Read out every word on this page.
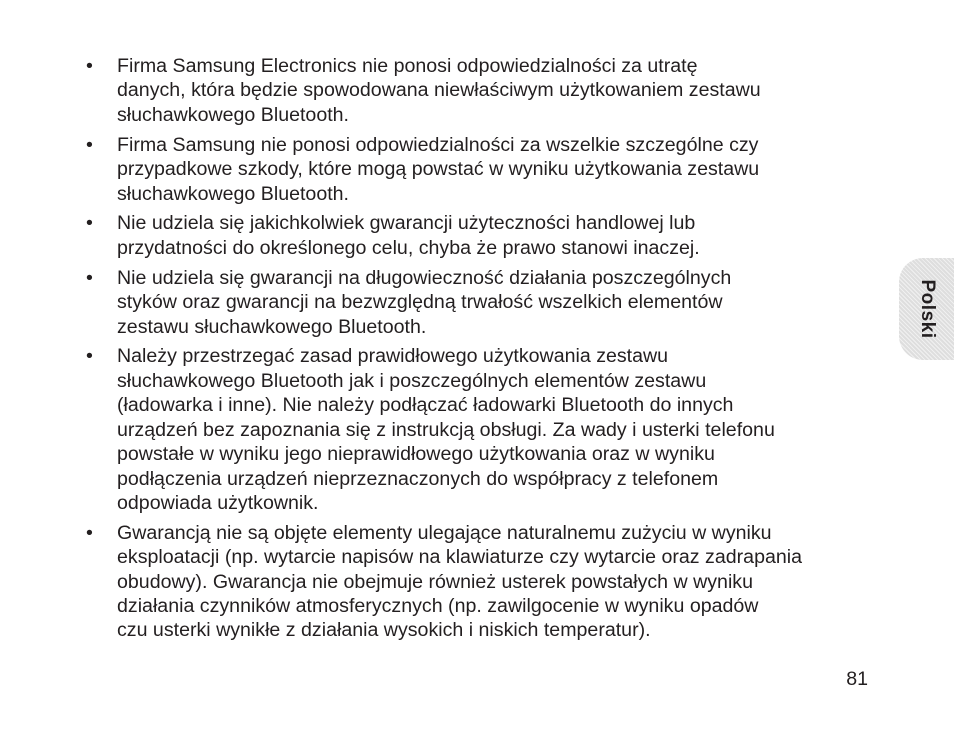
• Firma Samsung Electronics nie ponosi odpowiedzialności za utratę
danych, która będzie spowodowana niewłaściwym użytkowaniem zestawu
słuchawkowego Bluetooth.
• Firma Samsung nie ponosi odpowiedzialności za wszelkie szczególne czy
przypadkowe szkody, które mogą powstać w wyniku użytkowania zestawu
słuchawkowego Bluetooth.
• Nie udziela się jakichkolwiek gwarancji użyteczności handlowej lub
przydatności do określonego celu, chyba że prawo stanowi inaczej.
• Nie udziela się gwarancji na długowieczność działania poszczególnych
styków oraz gwarancji na bezwzględną trwałość wszelkich elementów
zestawu słuchawkowego Bluetooth.
• Należy przestrzegać zasad prawidłowego użytkowania zestawu
słuchawkowego Bluetooth jak i poszczególnych elementów zestawu
(ładowarka i inne). Nie należy podłączać ładowarki Bluetooth do innych
urządzeń bez zapoznania się z instrukcją obsługi. Za wady i usterki telefonu
powstałe w wyniku jego nieprawidłowego użytkowania oraz w wyniku
podłączenia urządzeń nieprzeznaczonych do współpracy z telefonem
odpowiada użytkownik.
• Gwarancją nie są objęte elementy ulegające naturalnemu zużyciu w wyniku
eksploatacji (np. wytarcie napisów na klawiaturze czy wytarcie oraz zadrapania
obudowy). Gwarancja nie obejmuje również usterek powstałych w wyniku
działania czynników atmosferycznych (np. zawilgocenie w wyniku opadów
czu usterki wynikłe z działania wysokich i niskich temperatur).
Polski
81
